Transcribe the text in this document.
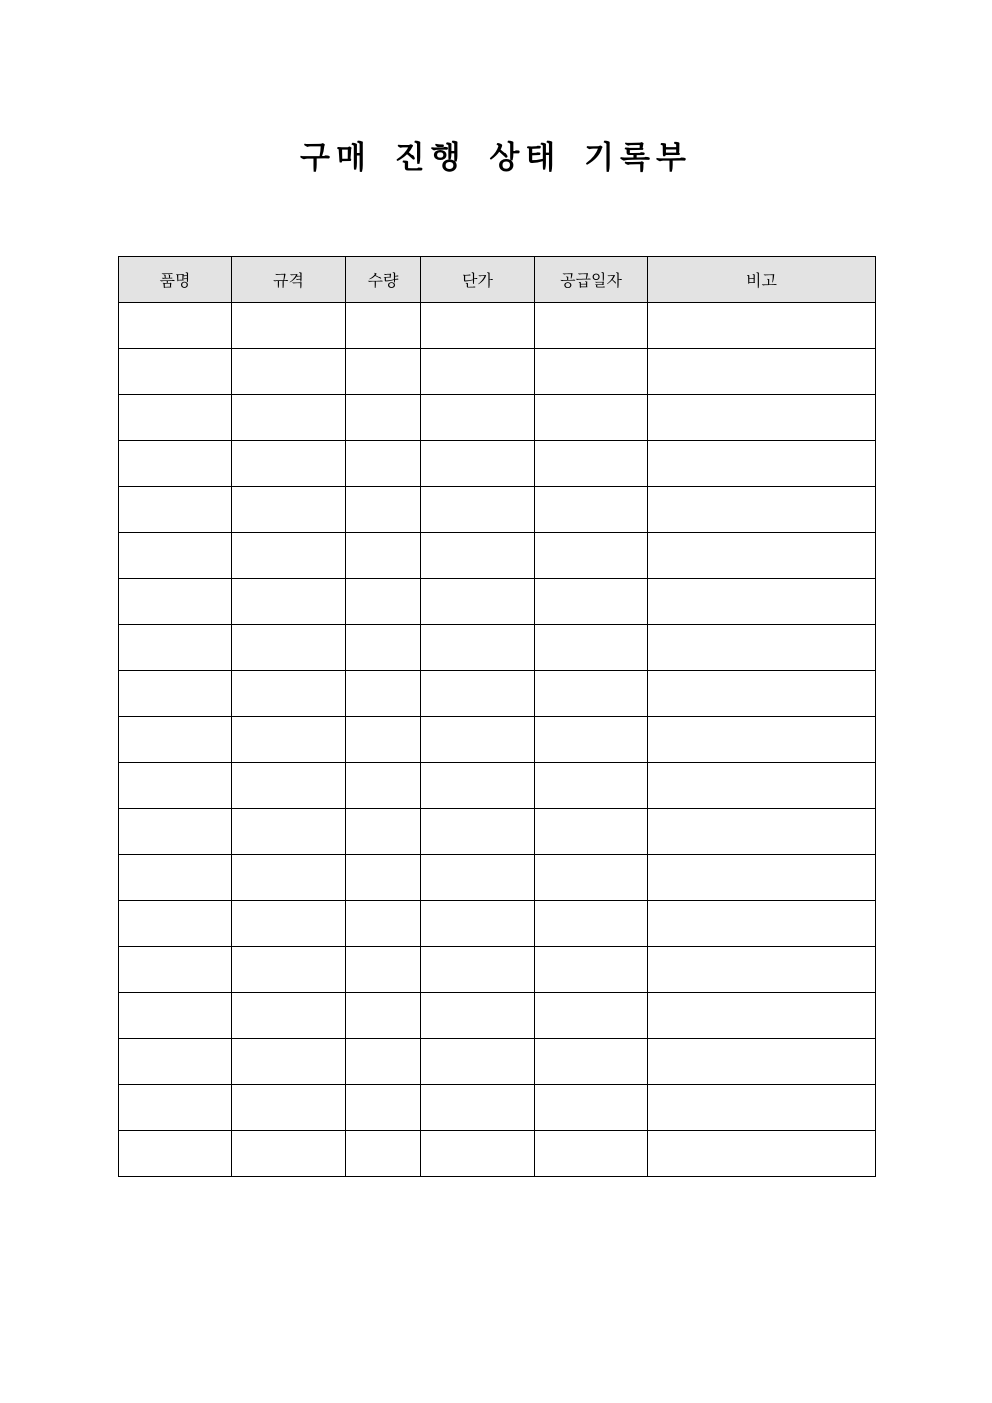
구매 진행 상태 기록부
품명	규격	수량	단가	공급일자	비고
